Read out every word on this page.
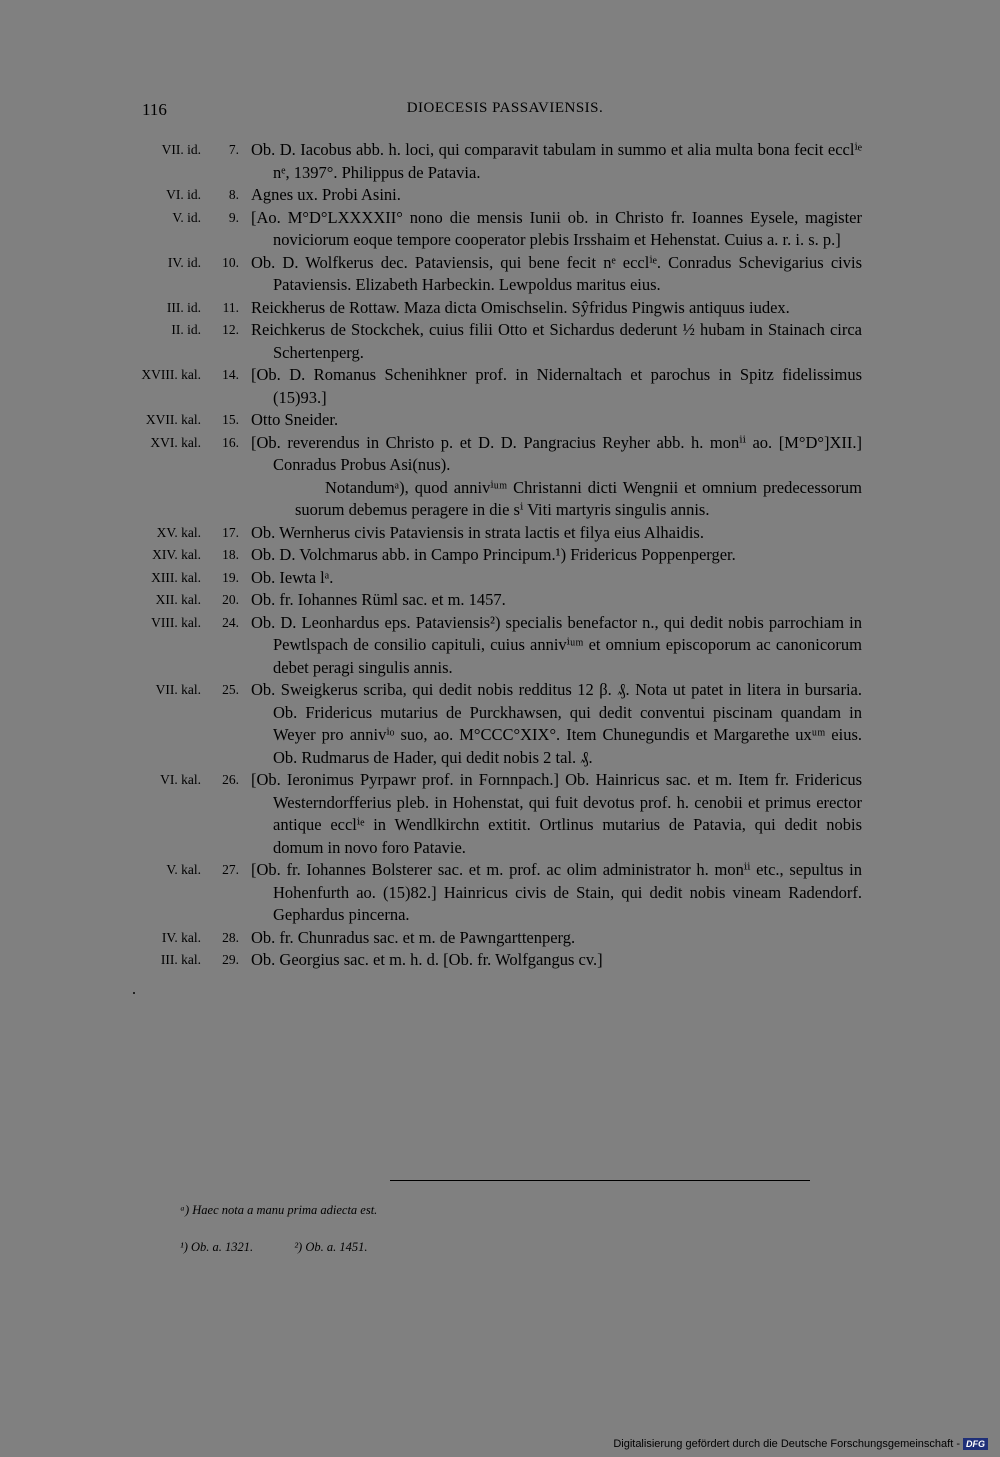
116	DIOECESIS PASSAVIENSIS.
VII. id.	7. Ob. D. Iacobus abb. h. loci, qui comparavit tabulam in summo et alia multa bona fecit ecclⁱᵉ nᵉ, 1397°. Philippus de Patavia.
VI. id.	8. Agnes ux. Probi Asini.
V. id.	9. [Ao. M°D°LXXXXII° nono die mensis Iunii ob. in Christo fr. Ioannes Eysele, magister noviciorum eoque tempore cooperator plebis Irsshaim et Hehenstat. Cuius a. r. i. s. p.]
IV. id.	10. Ob. D. Wolfkerus dec. Pataviensis, qui bene fecit nᵉ ecclⁱᵉ. Conradus Schevigarius civis Pataviensis. Elizabeth Harbeckin. Lewpoldus maritus eius.
III. id.	11. Reickherus de Rottaw. Maza dicta Omischselin. Sŷfridus Pingwis antiquus iudex.
II. id.	12. Reichkerus de Stockchek, cuius filii Otto et Sichardus dederunt ½ hubam in Stainach circa Schertenperg.
XVIII. kal.	14. [Ob. D. Romanus Schenihkner prof. in Nidernaltach et parochus in Spitz fidelissimus (15)93.]
XVII. kal.	15. Otto Sneider.
XVI. kal.	16. [Ob. reverendus in Christo p. et D. D. Pangracius Reyher abb. h. monⁱⁱ ao. [M°D°]XII.] Conradus Probus Asi(nus).
Notandumᵃ), quod annivⁱᵘᵐ Christanni dicti Wengnii et omnium predecessorum suorum debemus peragere in die sⁱ Viti martyris singulis annis.
XV. kal.	17. Ob. Wernherus civis Pataviensis in strata lactis et filya eius Alhaidis.
XIV. kal.	18. Ob. D. Volchmarus abb. in Campo Principum.¹) Fridericus Poppenperger.
XIII. kal.	19. Ob. Iewta lᵃ.
XII. kal.	20. Ob. fr. Iohannes Rüml sac. et m. 1457.
VIII. kal.	24. Ob. D. Leonhardus eps. Pataviensis²) specialis benefactor n., qui dedit nobis parrochiam in Pewtlspach de consilio capituli, cuius annivⁱᵘᵐ et omnium episcoporum ac canonicorum debet peragi singulis annis.
VII. kal.	25. Ob. Sweigkerus scriba, qui dedit nobis redditus 12 β. ₰. Nota ut patet in litera in bursaria. Ob. Fridericus mutarius de Purckhawsen, qui dedit conventui piscinam quandam in Weyer pro annivⁱᵒ suo, ao. M°CCC°XIX°. Item Chunegundis et Margarethe uxᵘᵐ eius. Ob. Rudmarus de Hader, qui dedit nobis 2 tal. ₰.
VI. kal.	26. [Ob. Ieronimus Pyrpawr prof. in Fornnpach.] Ob. Hainricus sac. et m. Item fr. Fridericus Westerndorfferius pleb. in Hohenstat, qui fuit devotus prof. h. cenobii et primus erector antique ecclⁱᵉ in Wendlkirchn extitit. Ortlinus mutarius de Patavia, qui dedit nobis domum in novo foro Patavie.
V. kal.	27. [Ob. fr. Iohannes Bolsterer sac. et m. prof. ac olim administrator h. monⁱⁱ etc., sepultus in Hohenfurth ao. (15)82.] Hainricus civis de Stain, qui dedit nobis vineam Radendorf. Gephardus pincerna.
IV. kal.	28. Ob. fr. Chunradus sac. et m. de Pawngarttenperg.
III. kal.	29. Ob. Georgius sac. et m. h. d. [Ob. fr. Wolfgangus cv.]
ᵃ) Haec nota a manu prima adiecta est.
¹) Ob. a. 1321.	²) Ob. a. 1451.
Digitalisierung gefördert durch die Deutsche Forschungsgemeinschaft - DFG
